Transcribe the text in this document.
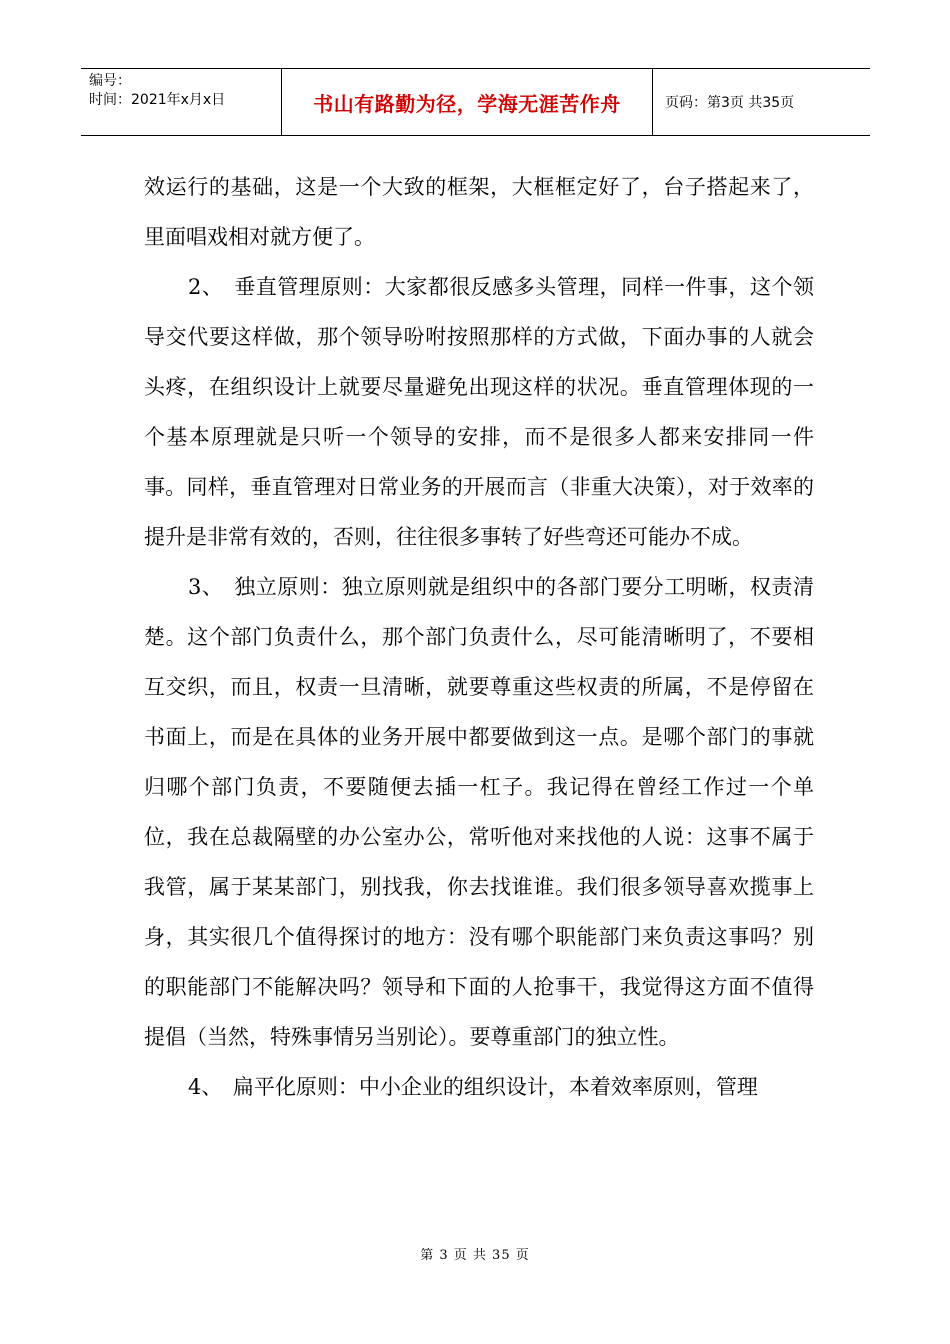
编号：
时间：2021年x月x日	书山有路勤为径，学海无涯苦作舟	页码：第3页 共35页

效运行的基础，这是一个大致的框架，大框框定好了，台子搭起来了，里面唱戏相对就方便了。

2、　垂直管理原则：大家都很反感多头管理，同样一件事，这个领导交代要这样做，那个领导吩咐按照那样的方式做，下面办事的人就会头疼，在组织设计上就要尽量避免出现这样的状况。垂直管理体现的一个基本原理就是只听一个领导的安排，而不是很多人都来安排同一件事。同样，垂直管理对日常业务的开展而言（非重大决策），对于效率的提升是非常有效的，否则，往往很多事转了好些弯还可能办不成。

3、　独立原则：独立原则就是组织中的各部门要分工明晰，权责清楚。这个部门负责什么，那个部门负责什么，尽可能清晰明了，不要相互交织，而且，权责一旦清晰，就要尊重这些权责的所属，不是停留在书面上，而是在具体的业务开展中都要做到这一点。是哪个部门的事就归哪个部门负责，不要随便去插一杠子。我记得在曾经工作过一个单位，我在总裁隔壁的办公室办公，常听他对来找他的人说：这事不属于我管，属于某某部门，别找我，你去找谁谁。我们很多领导喜欢揽事上身，其实很几个值得探讨的地方：没有哪个职能部门来负责这事吗？别的职能部门不能解决吗？领导和下面的人抢事干，我觉得这方面不值得提倡（当然，特殊事情另当别论）。要尊重部门的独立性。

4、　扁平化原则：中小企业的组织设计，本着效率原则，管理

第 3 页 共 35 页
